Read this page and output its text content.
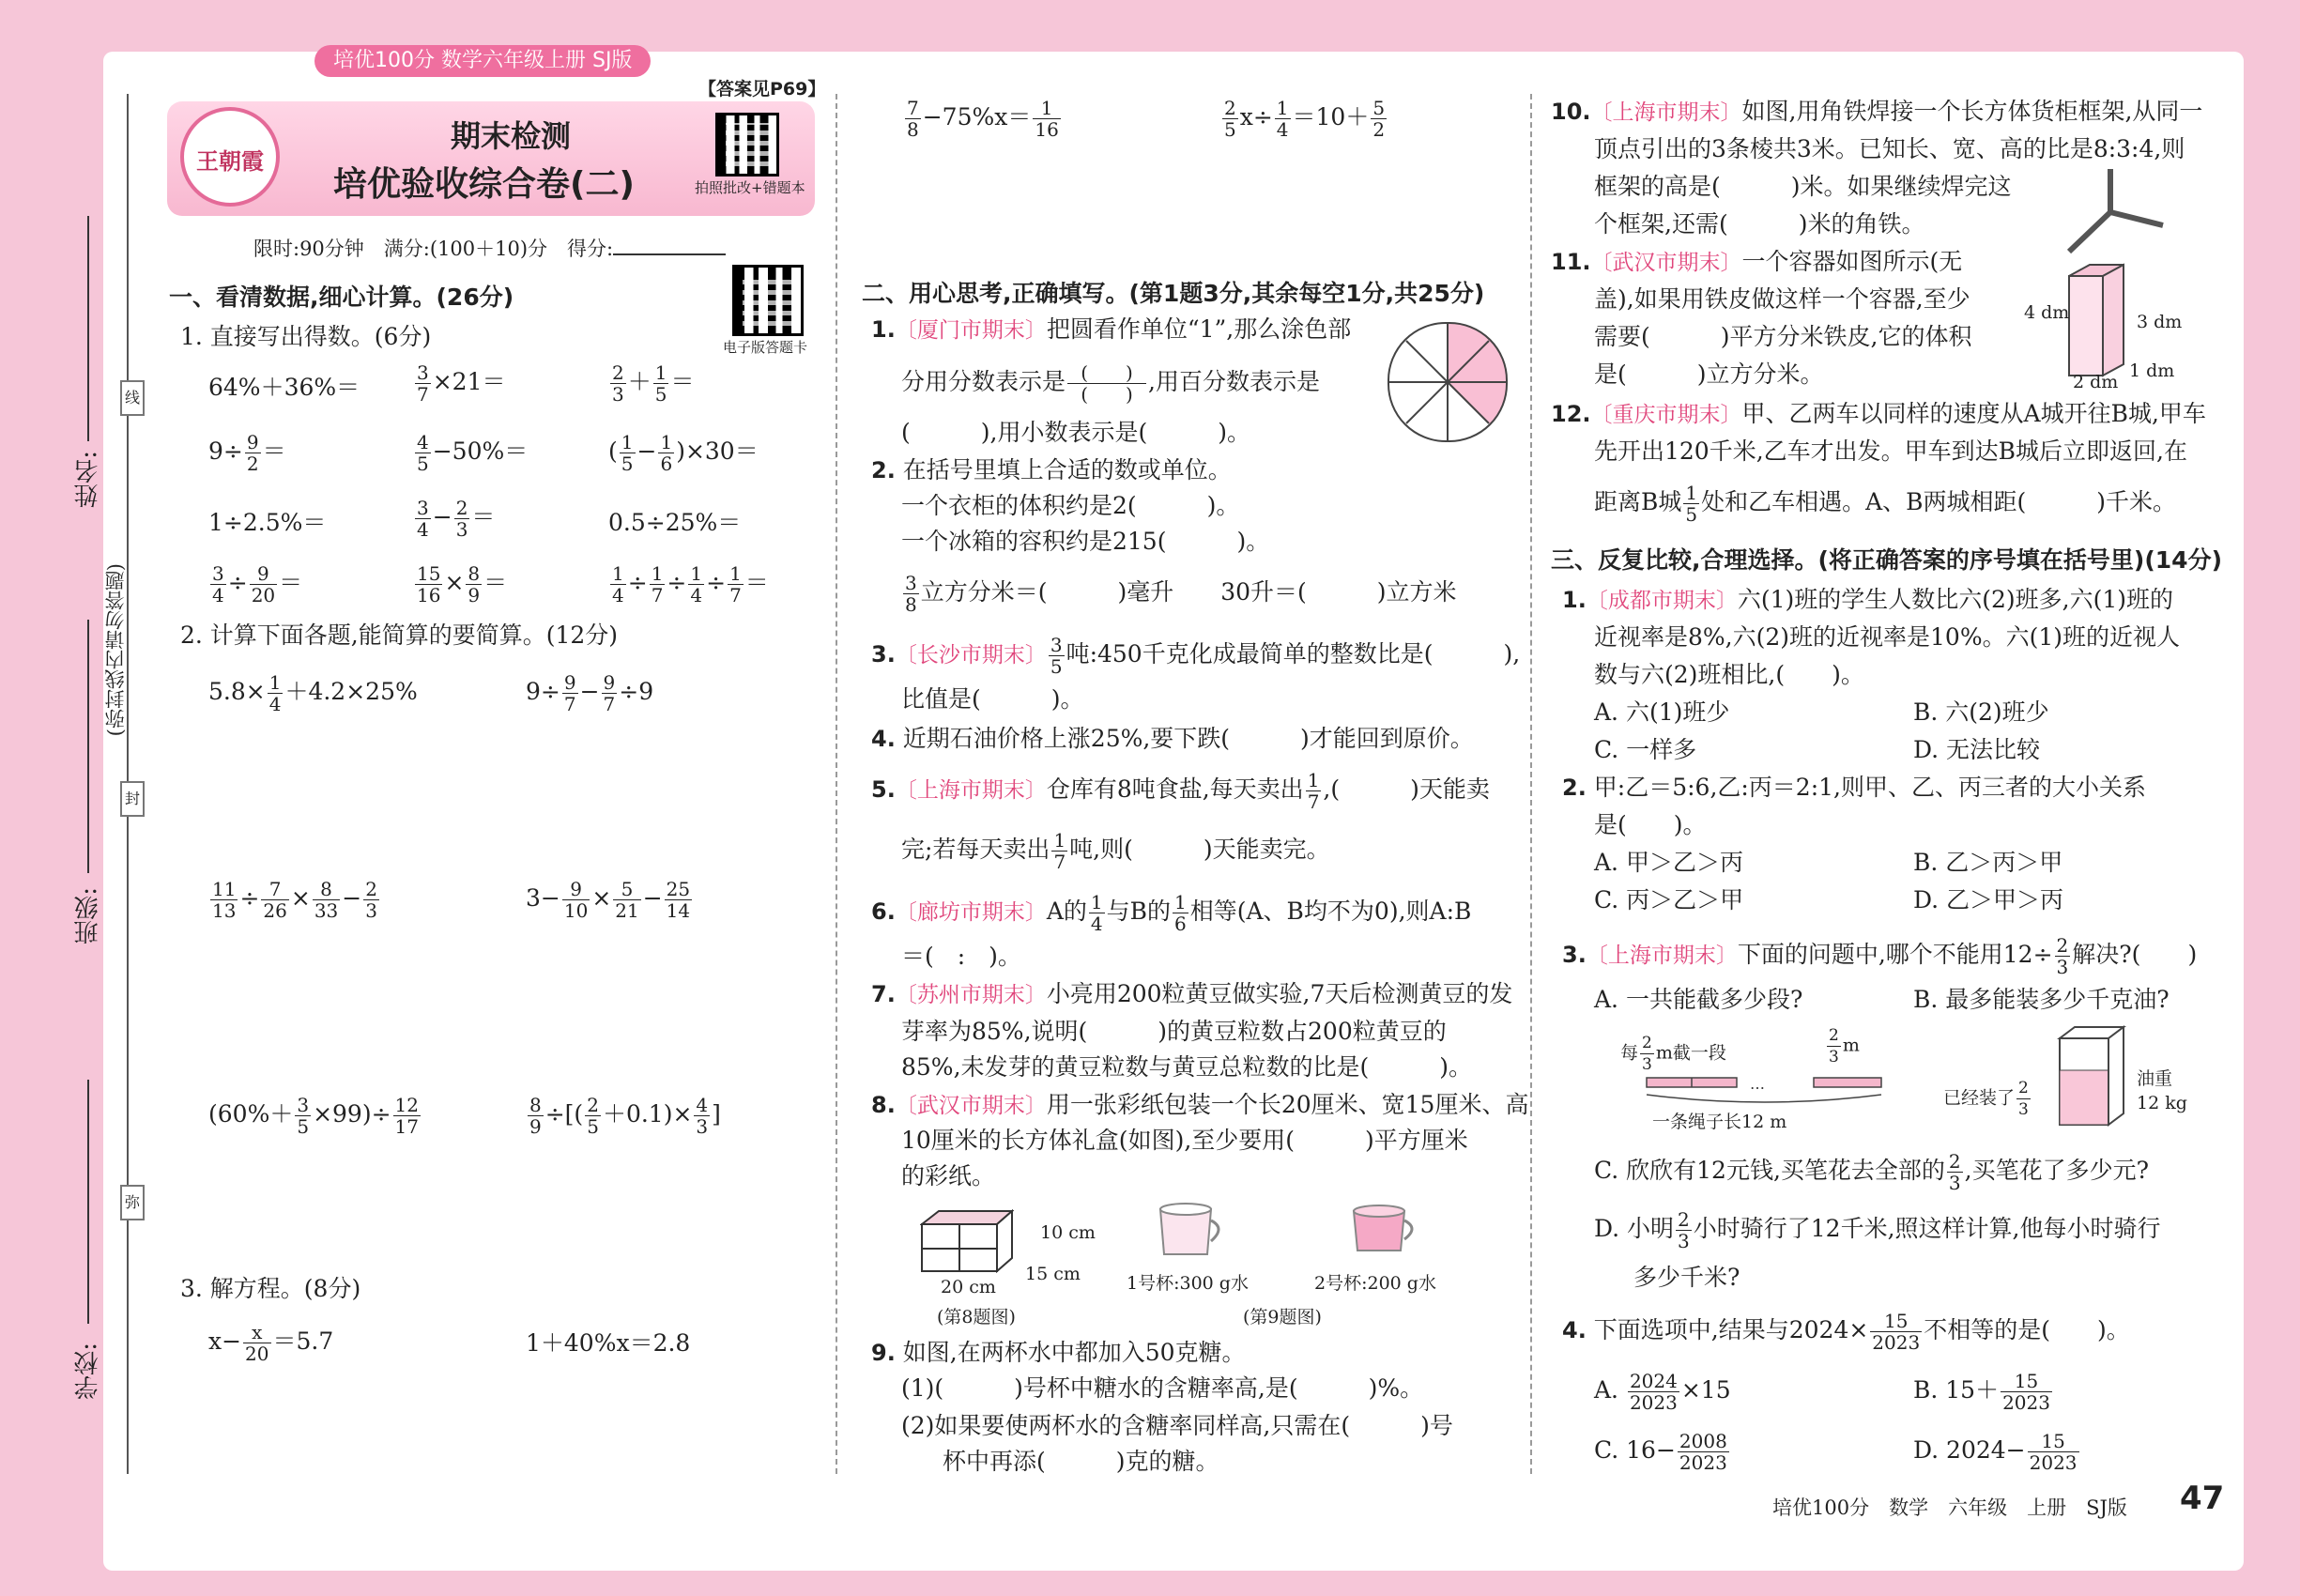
培优100分 数学六年级上册 SJ版
【答案见P69】
王朝霞
期末检测
培优验收综合卷(二)	拍照批改+错题本
电子版答题卡
限时:90分钟　满分:(100＋10)分　得分:
线
封
弥
姓名:
(弥封线内请勿答题)
班级:
学校:
一、看清数据,细心计算。(26分)
1. 直接写出得数。(6分)
64%＋36%＝	$\frac{3}{7} \times 21=$	$\frac{2}{3} + \frac{1}{5}$ ＝
$9\div \frac{9}{2}$ ＝	$\frac{4}{5} -50\%=$	( $\frac{1}{5} - \frac{1}{6} )\times 30=$
1÷2.5%＝	$\frac{3}{4} - \frac{2}{3}$ ＝	0.5÷25%＝
$\frac{3}{4} \div \frac{9}{20}$ ＝	$\frac{15}{16} \times \frac{8}{9}$ ＝	$\frac{1}{4} \div \frac{1}{7} \div \frac{1}{4} \div \frac{1}{7}$ ＝
2. 计算下面各题,能简算的要简算。(12分)
$5.8\times \frac{1}{4} +4.2\times 25\%$	$9\div \frac{9}{7} - \frac{9}{7} \div 9$
$\frac{11}{13} \div \frac{7}{26} \times \frac{8}{33} - \frac{2}{3}$	$3- \frac{9}{10} \times \frac{5}{21} - \frac{25}{14}$
$(60\%+ \frac{3}{5} \times 99)\div \frac{12}{17}$	$\frac{8}{9}$ ÷[( $\frac{2}{5} +0.1)\times \frac{4}{3}$ ]
3. 解方程。(8分)
$x- \frac{x}{20} =5.7$	1＋40%x＝2.8
$\frac{7}{8} -75\%x= \frac{1}{16}$	$\frac{2}{5} x\div \frac{1}{4} =10+ \frac{5}{2}$
二、用心思考,正确填写。(第1题3分,其余每空1分,共25分)
1.〔厦门市期末〕把圆看作单位“1”,那么涂色部
分用分数表示是 $\frac{( )}{( )}$ ,用百分数表示是
(　　　),用小数表示是(　　　)。
2. 在括号里填上合适的数或单位。
一个衣柜的体积约是2(　　　)。
一个冰箱的容积约是215(　　　)。
$\frac{3}{8}$ 立方分米＝(　　　)毫升　　30升＝(　　　)立方米
3.〔长沙市期末〕 $\frac{3}{5}$ 吨:450千克化成最简单的整数比是(　　　),
比值是(　　　)。
4. 近期石油价格上涨25%,要下跌(　　　)才能回到原价。
5.〔上海市期末〕仓库有8吨食盐,每天卖出 $\frac{1}{7}$ ,(　　　)天能卖
完;若每天卖出 $\frac{1}{7}$ 吨,则(　　　)天能卖完。
6.〔廊坊市期末〕A的 $\frac{1}{4}$ 与B的 $\frac{1}{6}$ 相等(A、B均不为0),则A:B
＝(　:　)。
7.〔苏州市期末〕小亮用200粒黄豆做实验,7天后检测黄豆的发
芽率为85%,说明(　　　)的黄豆粒数占200粒黄豆的
85%,未发芽的黄豆粒数与黄豆总粒数的比是(　　　)。
8.〔武汉市期末〕用一张彩纸包装一个长20厘米、宽15厘米、高
10厘米的长方体礼盒(如图),至少要用(　　　)平方厘米
的彩纸。
10 cm
15 cm
20 cm
(第8题图)
1号杯:300 g水	2号杯:200 g水
(第9题图)
9. 如图,在两杯水中都加入50克糖。
(1)(　　　)号杯中糖水的含糖率高,是(　　　)%。
(2)如果要使两杯水的含糖率同样高,只需在(　　　)号
杯中再添(　　　)克的糖。
10.〔上海市期末〕如图,用角铁焊接一个长方体货柜框架,从同一
顶点引出的3条棱共3米。已知长、宽、高的比是8:3:4,则
框架的高是(　　　)米。如果继续焊完这
个框架,还需(　　　)米的角铁。
11.〔武汉市期末〕一个容器如图所示(无
盖),如果用铁皮做这样一个容器,至少
需要(　　　)平方分米铁皮,它的体积
是(　　　)立方分米。
4 dm	3 dm
1 dm
2 dm
12.〔重庆市期末〕甲、乙两车以同样的速度从A城开往B城,甲车
先开出120千米,乙车才出发。甲车到达B城后立即返回,在
距离B城 $\frac{1}{5}$ 处和乙车相遇。A、B两城相距(　　　)千米。
三、反复比较,合理选择。(将正确答案的序号填在括号里)(14分)
1.〔成都市期末〕六(1)班的学生人数比六(2)班多,六(1)班的
近视率是8%,六(2)班的近视率是10%。六(1)班的近视人
数与六(2)班相比,(　　)。
A. 六(1)班少	B. 六(2)班少
C. 一样多	D. 无法比较
2. 甲:乙＝5:6,乙:丙＝2:1,则甲、乙、丙三者的大小关系
是(　　)。
A. 甲＞乙＞丙	B. 乙＞丙＞甲
C. 丙＞乙＞甲	D. 乙＞甲＞丙
3.〔上海市期末〕下面的问题中,哪个不能用$12\div \frac{2}{3}$ 解决?(　　)
A. 一共能截多少段?	B. 最多能装多少千克油?
每 $\frac{2}{3}$ m截一段	$\frac{2}{3}$ m
…
一条绳子长12 m
已经装了 $\frac{2}{3}$	油重
12 kg
C. 欣欣有12元钱,买笔花去全部的 $\frac{2}{3}$ ,买笔花了多少元?
D. 小明 $\frac{2}{3}$ 小时骑行了12千米,照这样计算,他每小时骑行
多少千米?
4. 下面选项中,结果与$2024\times \frac{15}{2023}$ 不相等的是(　　)。
A. $\frac{2024}{2023} \times 15$	B. $15+ \frac{15}{2023}$
C. $16- \frac{2008}{2023}$	D. $2024- \frac{15}{2023}$
培优100分　数学　六年级　上册　SJ版 47
